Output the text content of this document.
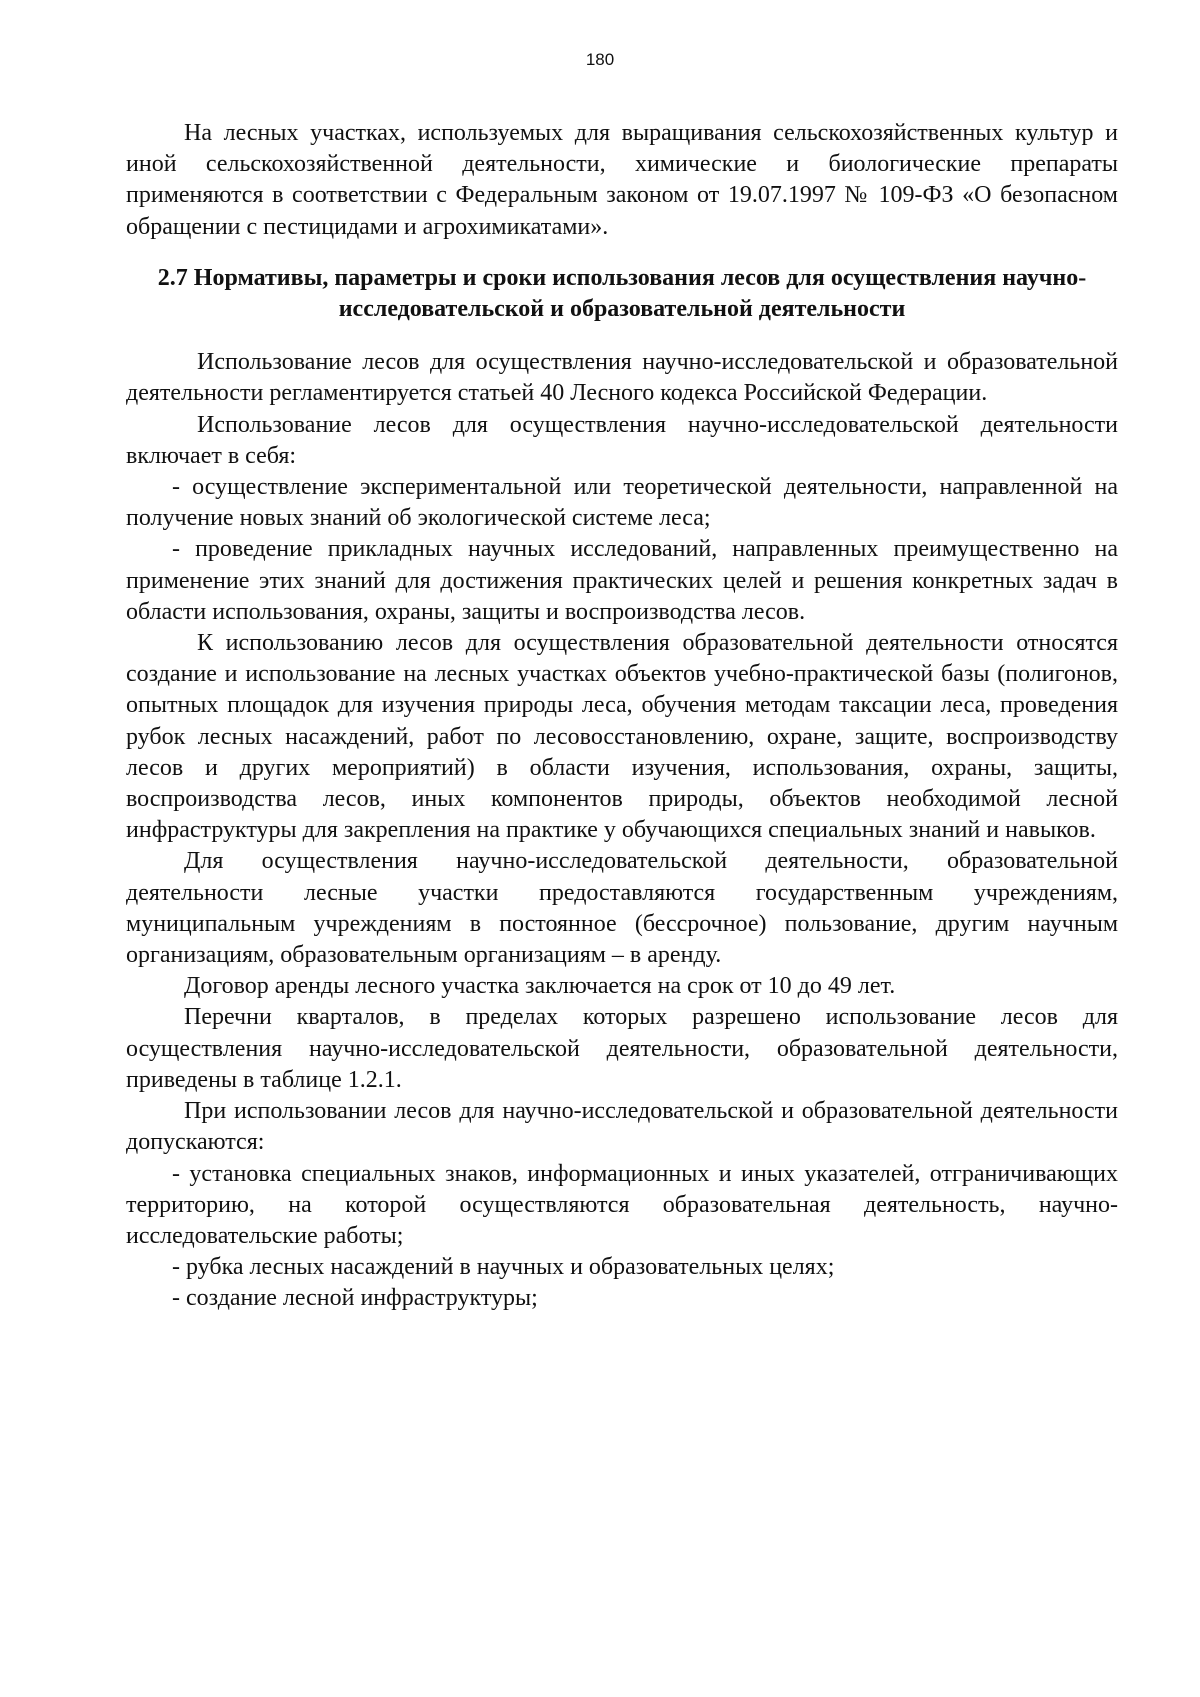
180

На лесных участках, используемых для выращивания сельскохозяйственных культур и иной сельскохозяйственной деятельности, химические и биологические препараты применяются в соответствии с Федеральным законом от 19.07.1997 № 109-ФЗ «О безопасном обращении с пестицидами и агрохимикатами».

2.7 Нормативы, параметры и сроки использования лесов для осуществления научно-исследовательской и образовательной деятельности

Использование лесов для осуществления научно-исследовательской и образовательной деятельности регламентируется статьей 40 Лесного кодекса Российской Федерации.

Использование лесов для осуществления научно-исследовательской деятельности включает в себя:

- осуществление экспериментальной или теоретической деятельности, направленной на получение новых знаний об экологической системе леса;

- проведение прикладных научных исследований, направленных преимущественно на применение этих знаний для достижения практических целей и решения конкретных задач в области использования, охраны, защиты и воспроизводства лесов.

К использованию лесов для осуществления образовательной деятельности относятся создание и использование на лесных участках объектов учебно-практической базы (полигонов, опытных площадок для изучения природы леса, обучения методам таксации леса, проведения рубок лесных насаждений, работ по лесовосстановлению, охране, защите, воспроизводству лесов и других мероприятий) в области изучения, использования, охраны, защиты, воспроизводства лесов, иных компонентов природы, объектов необходимой лесной инфраструктуры для закрепления на практике у обучающихся специальных знаний и навыков.

Для осуществления научно-исследовательской деятельности, образовательной деятельности лесные участки предоставляются государственным учреждениям, муниципальным учреждениям в постоянное (бессрочное) пользование, другим научным организациям, образовательным организациям – в аренду.

Договор аренды лесного участка заключается на срок от 10 до 49 лет.

Перечни кварталов, в пределах которых разрешено использование лесов для осуществления научно-исследовательской деятельности, образовательной деятельности, приведены в таблице 1.2.1.

При использовании лесов для научно-исследовательской и образовательной деятельности допускаются:

- установка специальных знаков, информационных и иных указателей, отграничивающих территорию, на которой осуществляются образовательная деятельность, научно-исследовательские работы;
- рубка лесных насаждений в научных и образовательных целях;
- создание лесной инфраструктуры;
